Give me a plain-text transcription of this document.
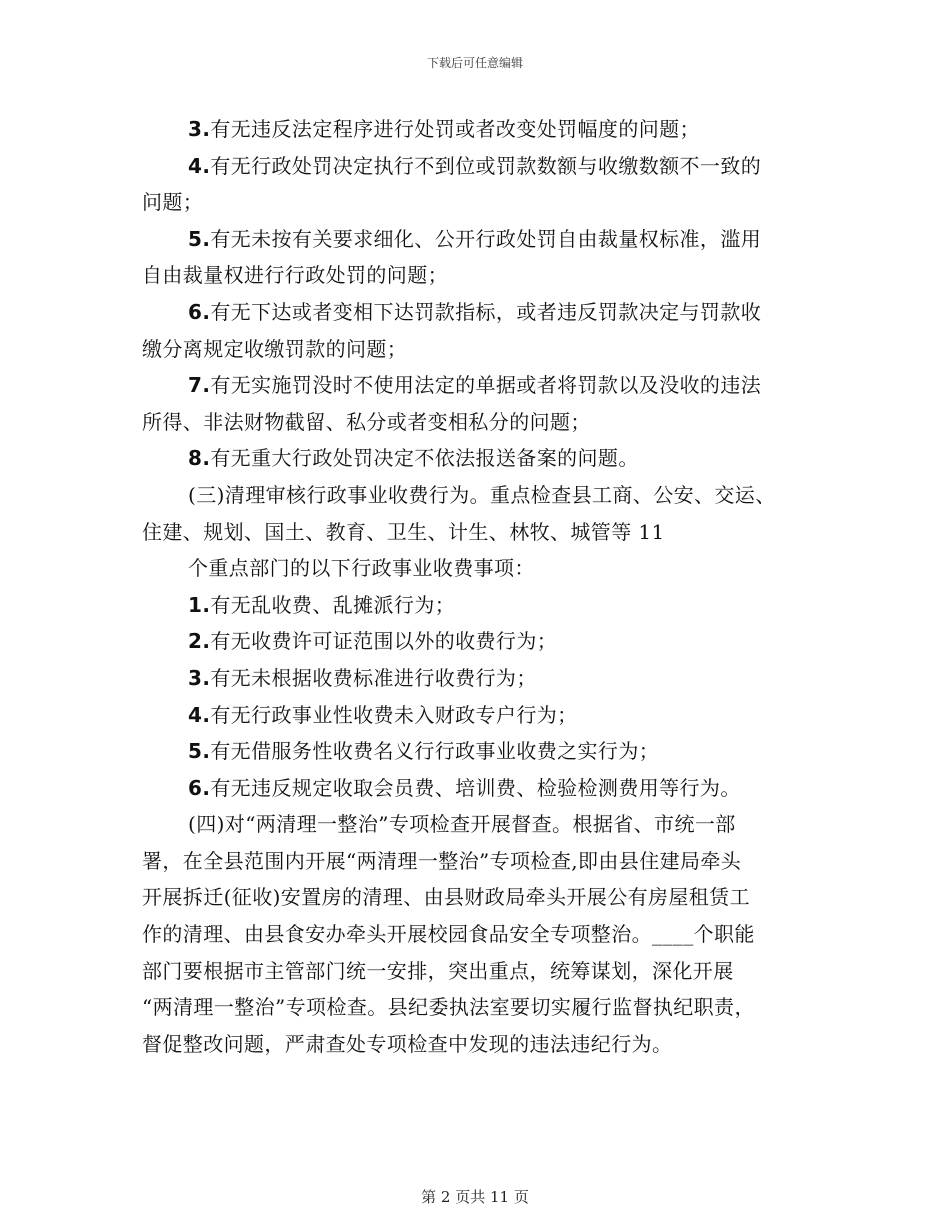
下载后可任意编辑
3.有无违反法定程序进行处罚或者改变处罚幅度的问题；
4.有无行政处罚决定执行不到位或罚款数额与收缴数额不一致的
问题；
5.有无未按有关要求细化、公开行政处罚自由裁量权标准，滥用
自由裁量权进行行政处罚的问题；
6.有无下达或者变相下达罚款指标，或者违反罚款决定与罚款收
缴分离规定收缴罚款的问题；
7.有无实施罚没时不使用法定的单据或者将罚款以及没收的违法
所得、非法财物截留、私分或者变相私分的问题；
8.有无重大行政处罚决定不依法报送备案的问题。
(三)清理审核行政事业收费行为。重点检查县工商、公安、交运、
住建、规划、国土、教育、卫生、计生、林牧、城管等 11
个重点部门的以下行政事业收费事项：
1.有无乱收费、乱摊派行为；
2.有无收费许可证范围以外的收费行为；
3.有无未根据收费标准进行收费行为；
4.有无行政事业性收费未入财政专户行为；
5.有无借服务性收费名义行行政事业收费之实行为；
6.有无违反规定收取会员费、培训费、检验检测费用等行为。
(四)对“两清理一整治”专项检查开展督查。根据省、市统一部
署，在全县范围内开展“两清理一整治”专项检查,即由县住建局牵头
开展拆迁(征收)安置房的清理、由县财政局牵头开展公有房屋租赁工
作的清理、由县食安办牵头开展校园食品安全专项整治。____个职能
部门要根据市主管部门统一安排，突出重点，统筹谋划，深化开展
“两清理一整治”专项检查。县纪委执法室要切实履行监督执纪职责，
督促整改问题，严肃查处专项检查中发现的违法违纪行为。
第 2 页共 11 页
